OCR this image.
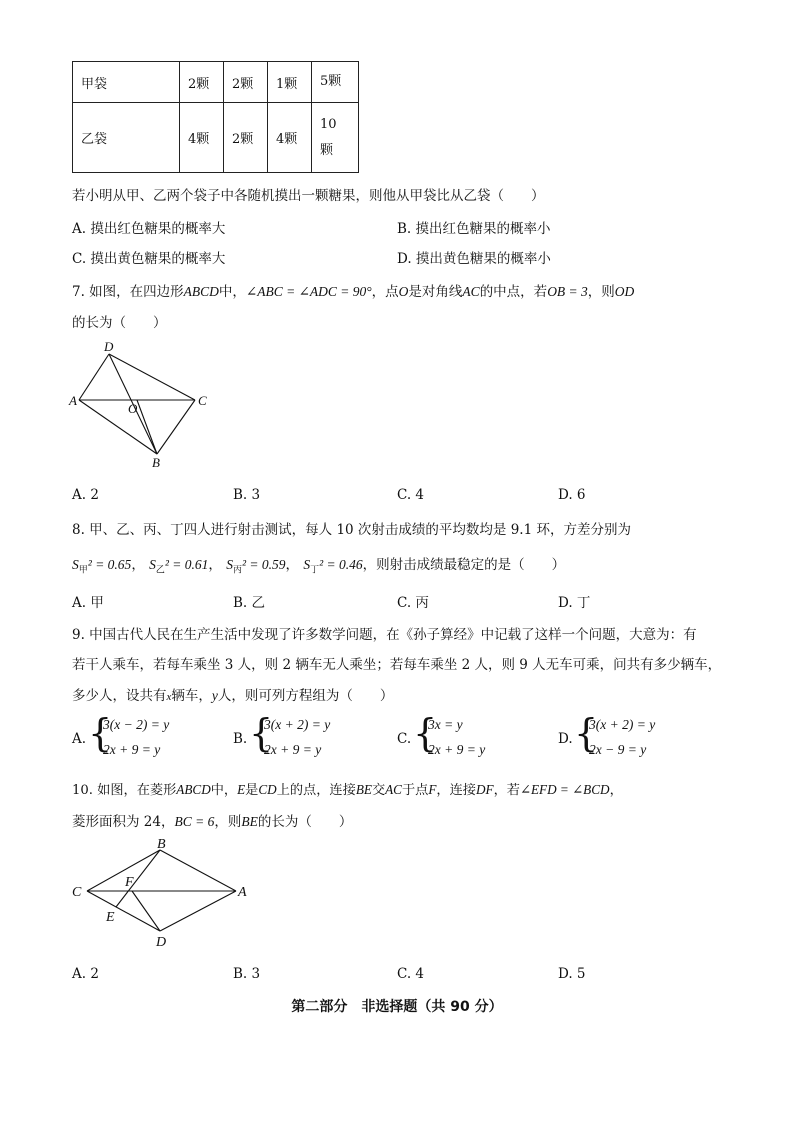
甲袋	2颗	2颗	1颗	5颗
乙袋	4颗	2颗	4颗	10 颗
若小明从甲、乙两个袋子中各随机摸出一颗糖果，则他从甲袋比从乙袋（　　）
A. 摸出红色糖果的概率大	B. 摸出红色糖果的概率小
C. 摸出黄色糖果的概率大	D. 摸出黄色糖果的概率小
7. 如图，在四边形ABCD中，∠ABC = ∠ADC = 90°，点O是对角线AC的中点，若OB = 3，则OD
的长为（　　）
D
A
O
C
B
A. 2	B. 3	C. 4	D. 6
8. 甲、乙、丙、丁四人进行射击测试，每人 10 次射击成绩的平均数均是 9.1 环，方差分别为
$S_甲^2 = 0.65$， $S_乙^2 = 0.61$， $S_丙^2 = 0.59$， $S_丁^2 = 0.46$，则射击成绩最稳定的是（　　）
A. 甲	B. 乙	C. 丙	D. 丁
9. 中国古代人民在生产生活中发现了许多数学问题，在《孙子算经》中记载了这样一个问题，大意为：有
若干人乘车，若每车乘坐 3 人，则 2 辆车无人乘坐；若每车乘坐 2 人，则 9 人无车可乘，问共有多少辆车，
多少人，设共有x辆车，y人，则可列方程组为（　　）
A. {
3(x − 2) = y
2x + 9 = y
B. {
3(x + 2) = y
2x + 9 = y
C. {
3x = y
2x + 9 = y
D. {
3(x + 2) = y
2x − 9 = y
10. 如图，在菱形ABCD中，E是CD上的点，连接BE交AC于点F，连接DF，若∠EFD = ∠BCD，
菱形面积为 24，BC = 6，则BE的长为（　　）
B
C
F
A
E
D
A. 2	B. 3	C. 4	D. 5
第二部分　非选择题（共 90 分）
